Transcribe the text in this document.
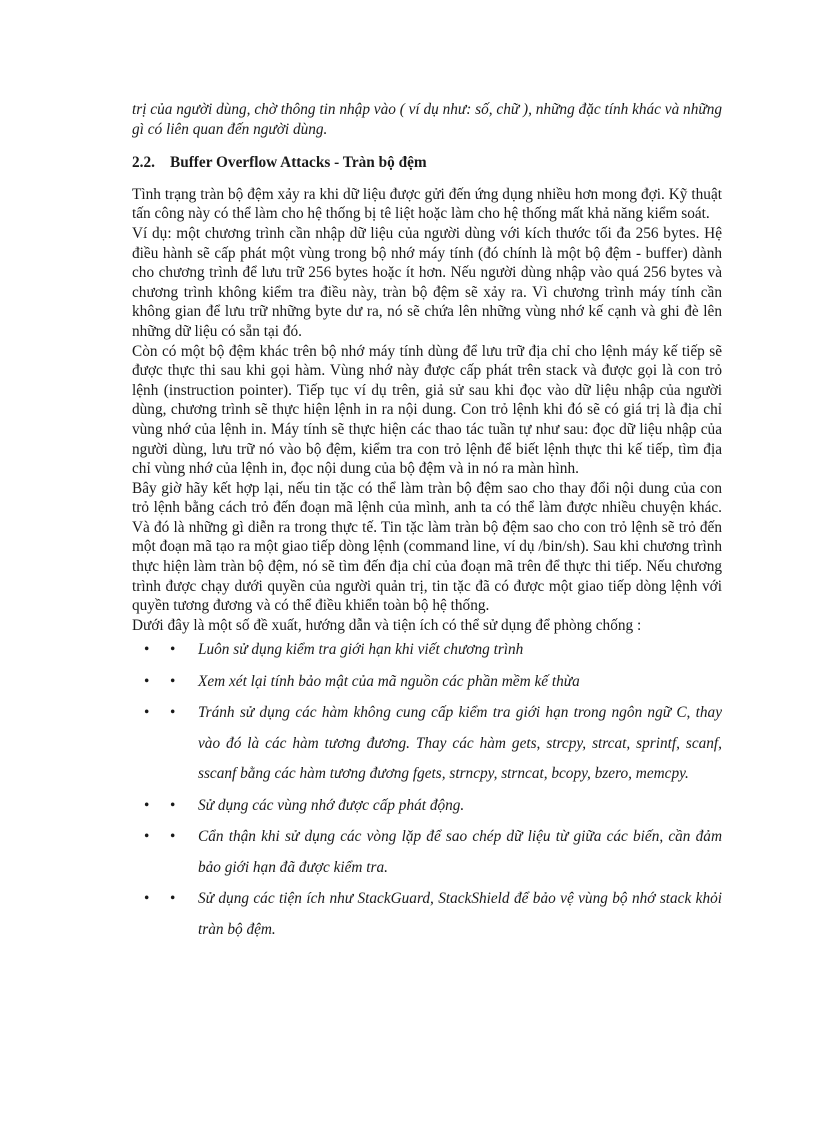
trị của người dùng, chờ thông tin nhập vào ( ví dụ như: số, chữ ), những đặc tính khác và những gì có liên quan đến người dùng.

2.2. Buffer Overflow Attacks - Tràn bộ đệm

Tình trạng tràn bộ đệm xảy ra khi dữ liệu được gửi đến ứng dụng nhiều hơn mong đợi. Kỹ thuật tấn công này có thể làm cho hệ thống bị tê liệt hoặc làm cho hệ thống mất khả năng kiểm soát.

Ví dụ: một chương trình cần nhập dữ liệu của người dùng với kích thước tối đa 256 bytes. Hệ điều hành sẽ cấp phát một vùng trong bộ nhớ máy tính (đó chính là một bộ đệm - buffer) dành cho chương trình để lưu trữ 256 bytes hoặc ít hơn. Nếu người dùng nhập vào quá 256 bytes và chương trình không kiểm tra điều này, tràn bộ đệm sẽ xảy ra. Vì chương trình máy tính cần không gian để lưu trữ những byte dư ra, nó sẽ chứa lên những vùng nhớ kế cạnh và ghi đè lên những dữ liệu có sẵn tại đó.

Còn có một bộ đệm khác trên bộ nhớ máy tính dùng để lưu trữ địa chỉ cho lệnh máy kế tiếp sẽ được thực thi sau khi gọi hàm. Vùng nhớ này được cấp phát trên stack và được gọi là con trỏ lệnh (instruction pointer). Tiếp tục ví dụ trên, giả sử sau khi đọc vào dữ liệu nhập của người dùng, chương trình sẽ thực hiện lệnh in ra nội dung. Con trỏ lệnh khi đó sẽ có giá trị là địa chỉ vùng nhớ của lệnh in. Máy tính sẽ thực hiện các thao tác tuần tự như sau: đọc dữ liệu nhập của người dùng, lưu trữ nó vào bộ đệm, kiểm tra con trỏ lệnh để biết lệnh thực thi kế tiếp, tìm địa chỉ vùng nhớ của lệnh in, đọc nội dung của bộ đệm và in nó ra màn hình.

Bây giờ hãy kết hợp lại, nếu tin tặc có thể làm tràn bộ đệm sao cho thay đổi nội dung của con trỏ lệnh bằng cách trỏ đến đoạn mã lệnh của mình, anh ta có thể làm được nhiều chuyện khác. Và đó là những gì diễn ra trong thực tế. Tin tặc làm tràn bộ đệm sao cho con trỏ lệnh sẽ trỏ đến một đoạn mã tạo ra một giao tiếp dòng lệnh (command line, ví dụ /bin/sh). Sau khi chương trình thực hiện làm tràn bộ đệm, nó sẽ tìm đến địa chỉ của đoạn mã trên để thực thi tiếp. Nếu chương trình được chạy dưới quyền của người quản trị, tin tặc đã có được một giao tiếp dòng lệnh với quyền tương đương và có thể điều khiển toàn bộ hệ thống.

Dưới đây là một số đề xuất, hướng dẫn và tiện ích có thể sử dụng để phòng chống :

• • Luôn sử dụng kiểm tra giới hạn khi viết chương trình
• • Xem xét lại tính bảo mật của mã nguồn các phần mềm kế thừa
• • Tránh sử dụng các hàm không cung cấp kiểm tra giới hạn trong ngôn ngữ C, thay vào đó là các hàm tương đương. Thay các hàm gets, strcpy, strcat, sprintf, scanf, sscanf bằng các hàm tương đương fgets, strncpy, strncat, bcopy, bzero, memcpy.
• • Sử dụng các vùng nhớ được cấp phát động.
• • Cẩn thận khi sử dụng các vòng lặp để sao chép dữ liệu từ giữa các biến, cần đảm bảo giới hạn đã được kiểm tra.
• • Sử dụng các tiện ích như StackGuard, StackShield để bảo vệ vùng bộ nhớ stack khỏi tràn bộ đệm.
